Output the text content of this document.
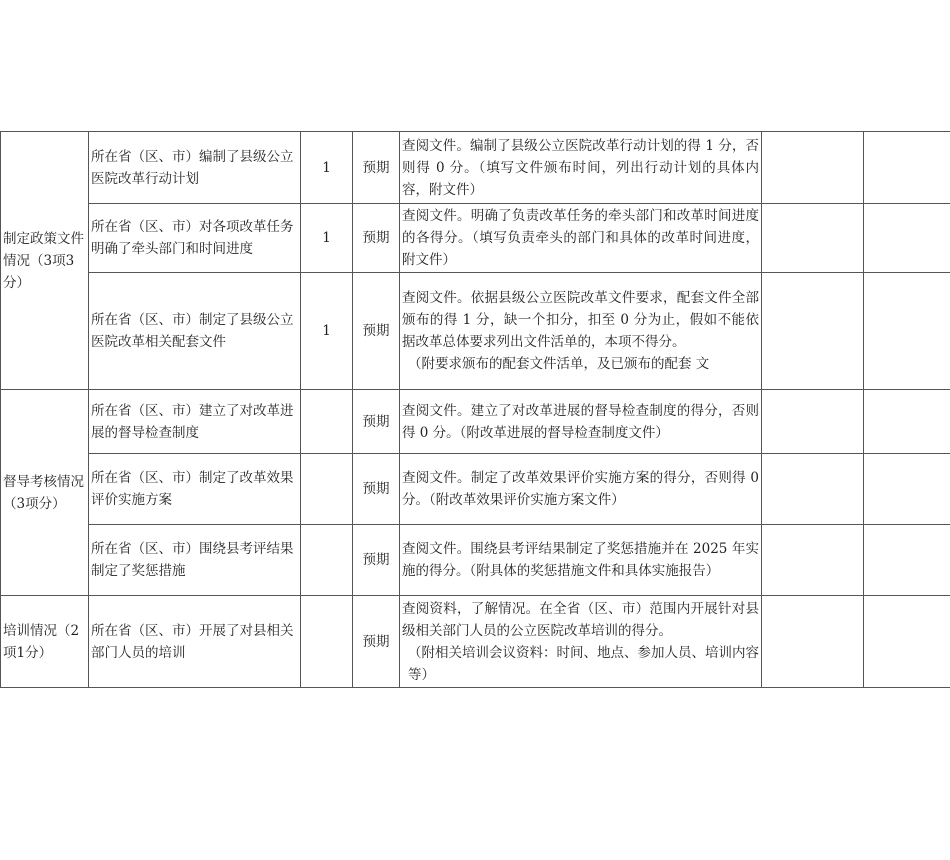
制定政策文件情况（3项3分）	所在省（区、市）编制了县级公立医院改革行动计划	1	预期	查阅文件。编制了县级公立医院改革行动计划的得 1 分，否则得 0 分。（填写文件颁布时间，列出行动计划的具体内容，附文件）		

	所在省（区、市）对各项改革任务明确了牵头部门和时间进度	1	预期	查阅文件。明确了负责改革任务的牵头部门和改革时间进度的各得分。（填写负责牵头的部门和具体的改革时间进度，附文件）		

	所在省（区、市）制定了县级公立医院改革相关配套文件	1	预期	查阅文件。依据县级公立医院改革文件要求，配套文件全部颁布的得 1 分，缺一个扣分，扣至 0 分为止，假如不能依据改革总体要求列出文件活单的，本项不得分。
（附要求颁布的配套文件活单，及已颁布的配套 文		

督导考核情况（3项分）	所在省（区、市）建立了对改革进展的督导检查制度		预期	查阅文件。建立了对改革进展的督导检查制度的得分，否则得 0 分。（附改革进展的督导检查制度文件）		

	所在省（区、市）制定了改革效果评价实施方案		预期	查阅文件。制定了改革效果评价实施方案的得分，否则得 0 分。（附改革效果评价实施方案文件）		

	所在省（区、市）围绕县考评结果制定了奖惩措施		预期	查阅文件。围绕县考评结果制定了奖惩措施并在 2025 年实施的得分。（附具体的奖惩措施文件和具体实施报告）		

培训情况（2项1分）	所在省（区、市）开展了对县相关部门人员的培训		预期	查阅资料，了解情况。在全省（区、市）范围内开展针对县级相关部门人员的公立医院改革培训的得分。
（附相关培训会议资料：时间、地点、参加人员、培训内容等）		
